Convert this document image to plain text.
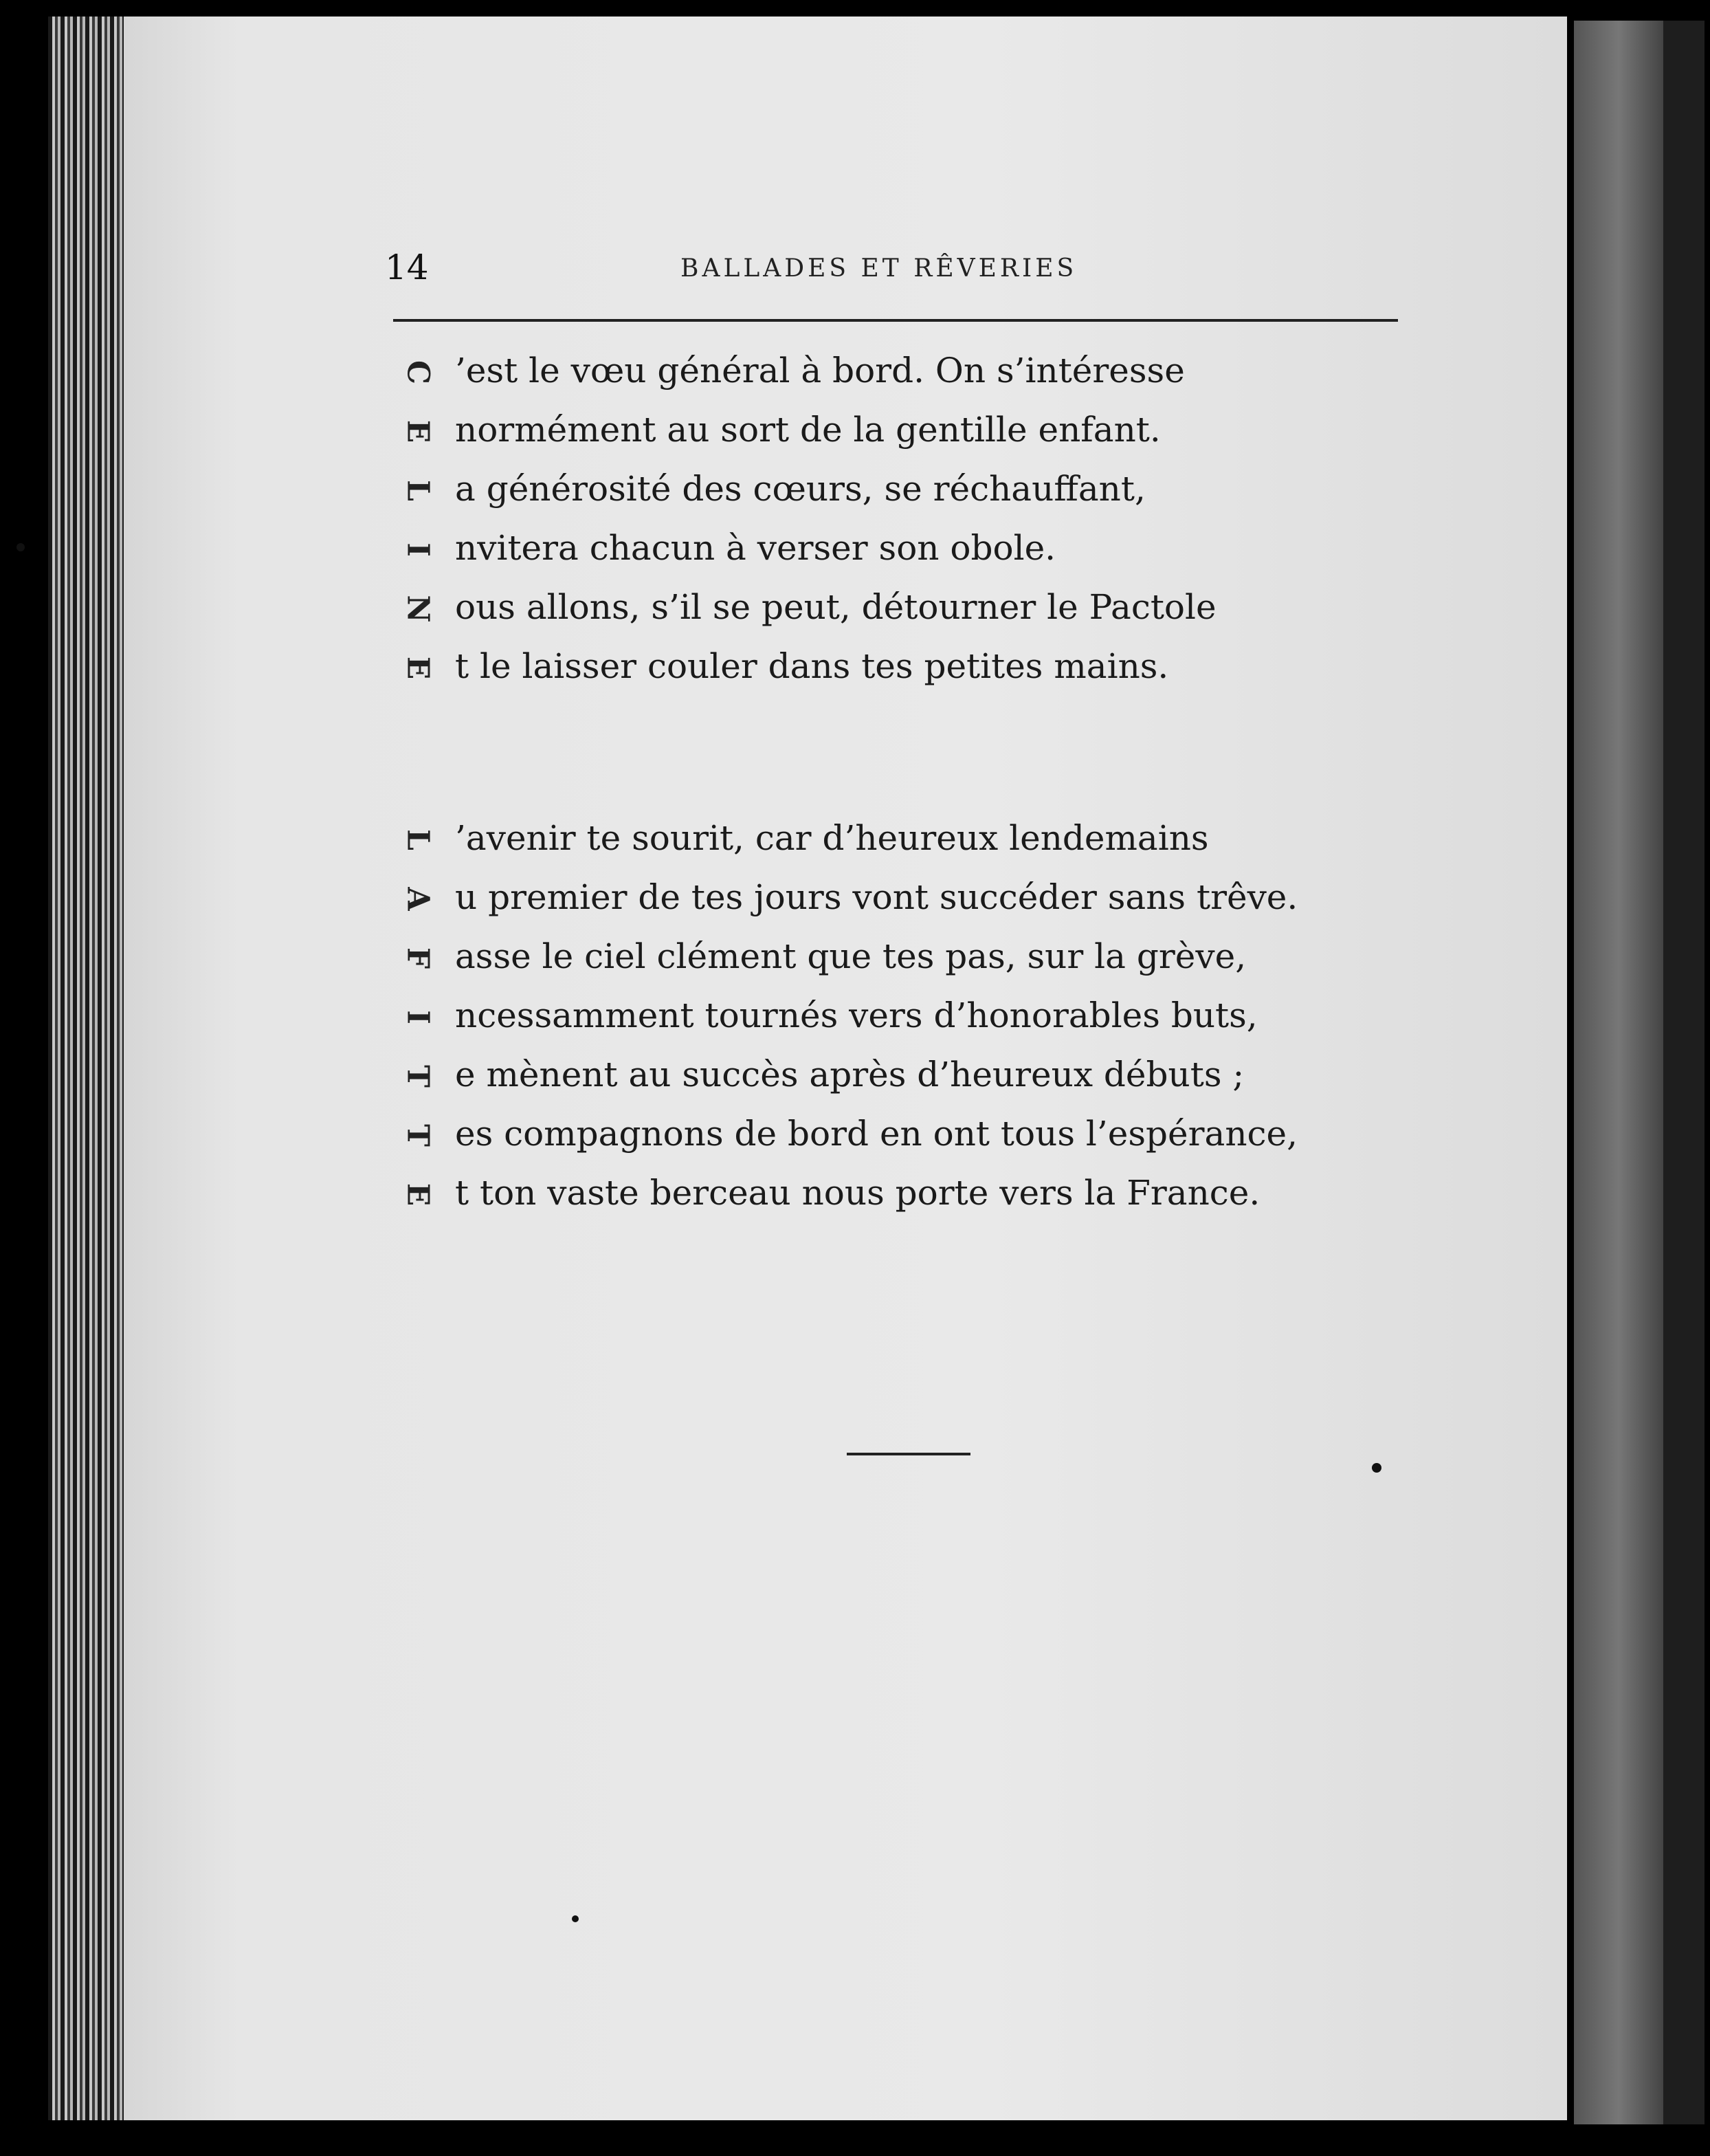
14	BALLADES ET RÊVERIES
C ’est le vœu général à bord. On s’intéresse
E normément au sort de la gentille enfant.
L a générosité des cœurs, se réchauffant,
I nvitera chacun à verser son obole.
N ous allons, s’il se peut, détourner le Pactole
E t le laisser couler dans tes petites mains.
L ’avenir te sourit, car d’heureux lendemains
A u premier de tes jours vont succéder sans trêve.
F asse le ciel clément que tes pas, sur la grève,
I ncessamment tournés vers d’honorables buts,
T e mènent au succès après d’heureux débuts ;
T es compagnons de bord en ont tous l’espérance,
E t ton vaste berceau nous porte vers la France.
